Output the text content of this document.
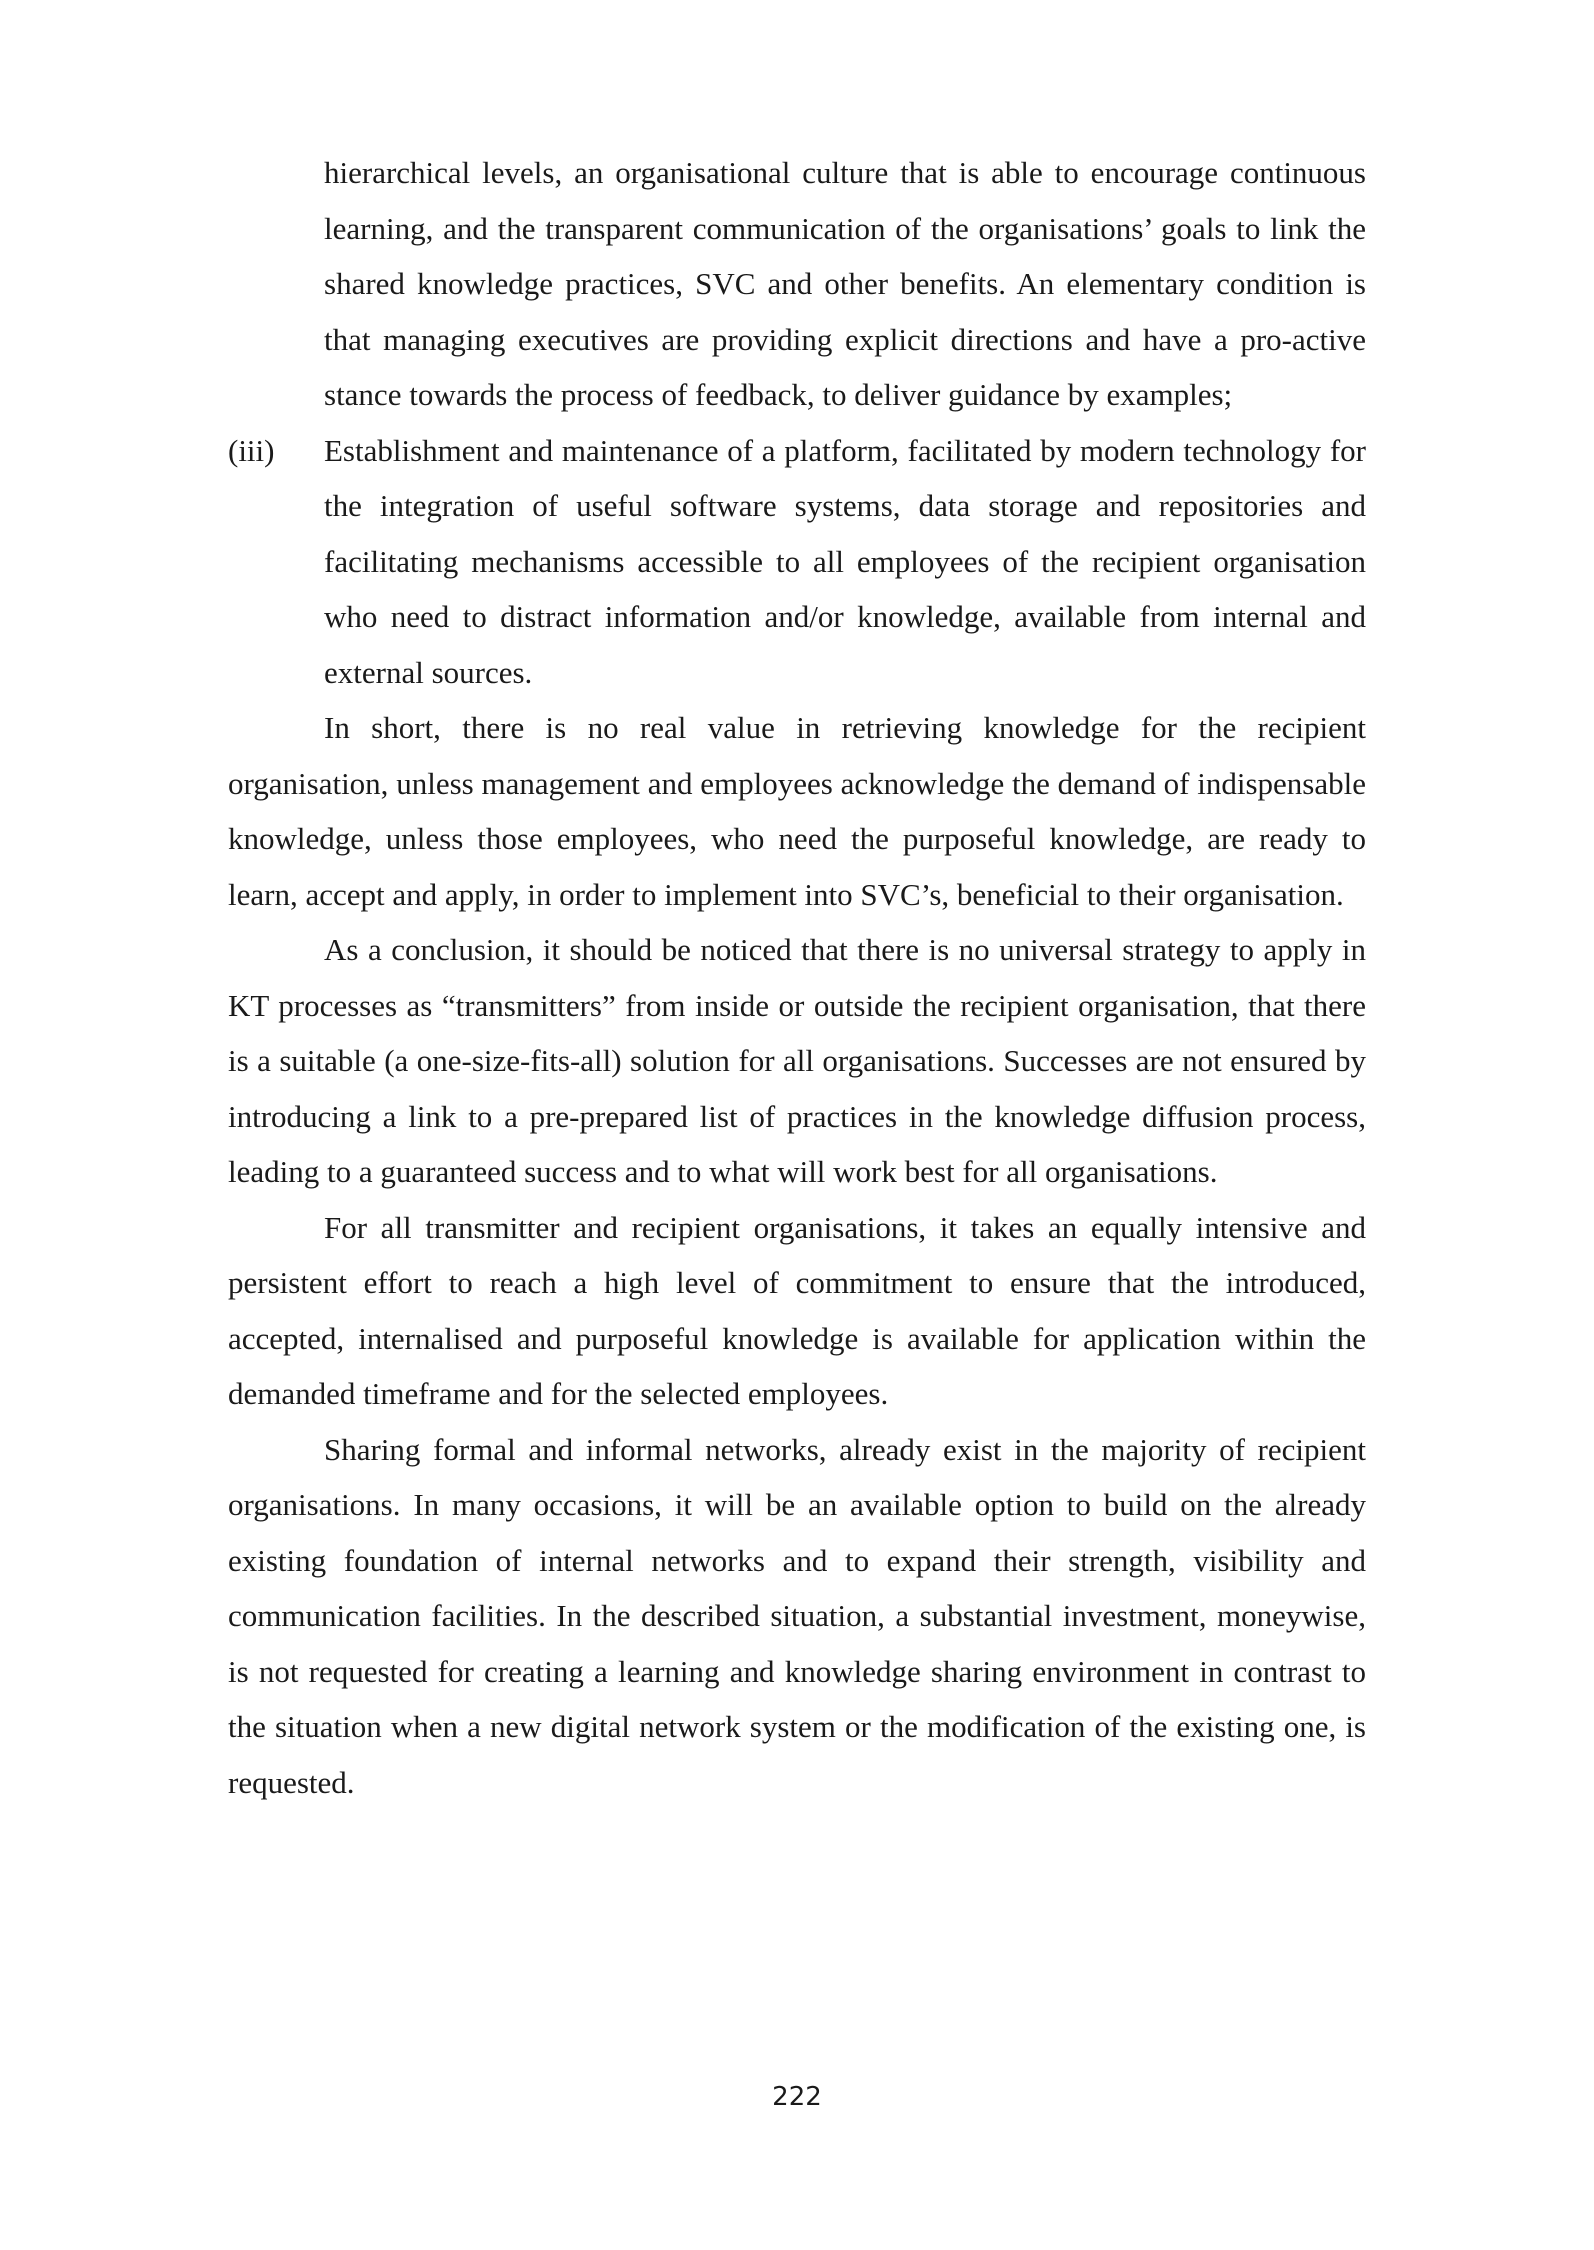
hierarchical levels, an organisational culture that is able to encourage continuous learning, and the transparent communication of the organisations’ goals to link the shared knowledge practices, SVC and other benefits. An elementary condition is that managing executives are providing explicit directions and have a pro-active stance towards the process of feedback, to deliver guidance by examples;

(iii) Establishment and maintenance of a platform, facilitated by modern technology for the integration of useful software systems, data storage and repositories and facilitating mechanisms accessible to all employees of the recipient organisation who need to distract information and/or knowledge, available from internal and external sources.

In short, there is no real value in retrieving knowledge for the recipient organisation, unless management and employees acknowledge the demand of indispensable knowledge, unless those employees, who need the purposeful knowledge, are ready to learn, accept and apply, in order to implement into SVC’s, beneficial to their organisation.

As a conclusion, it should be noticed that there is no universal strategy to apply in KT processes as “transmitters” from inside or outside the recipient organisation, that there is a suitable (a one-size-fits-all) solution for all organisations. Successes are not ensured by introducing a link to a pre-prepared list of practices in the knowledge diffusion process, leading to a guaranteed success and to what will work best for all organisations.

For all transmitter and recipient organisations, it takes an equally intensive and persistent effort to reach a high level of commitment to ensure that the introduced, accepted, internalised and purposeful knowledge is available for application within the demanded timeframe and for the selected employees.

Sharing formal and informal networks, already exist in the majority of recipient organisations. In many occasions, it will be an available option to build on the already existing foundation of internal networks and to expand their strength, visibility and communication facilities. In the described situation, a substantial investment, moneywise, is not requested for creating a learning and knowledge sharing environment in contrast to the situation when a new digital network system or the modification of the existing one, is requested.

222
